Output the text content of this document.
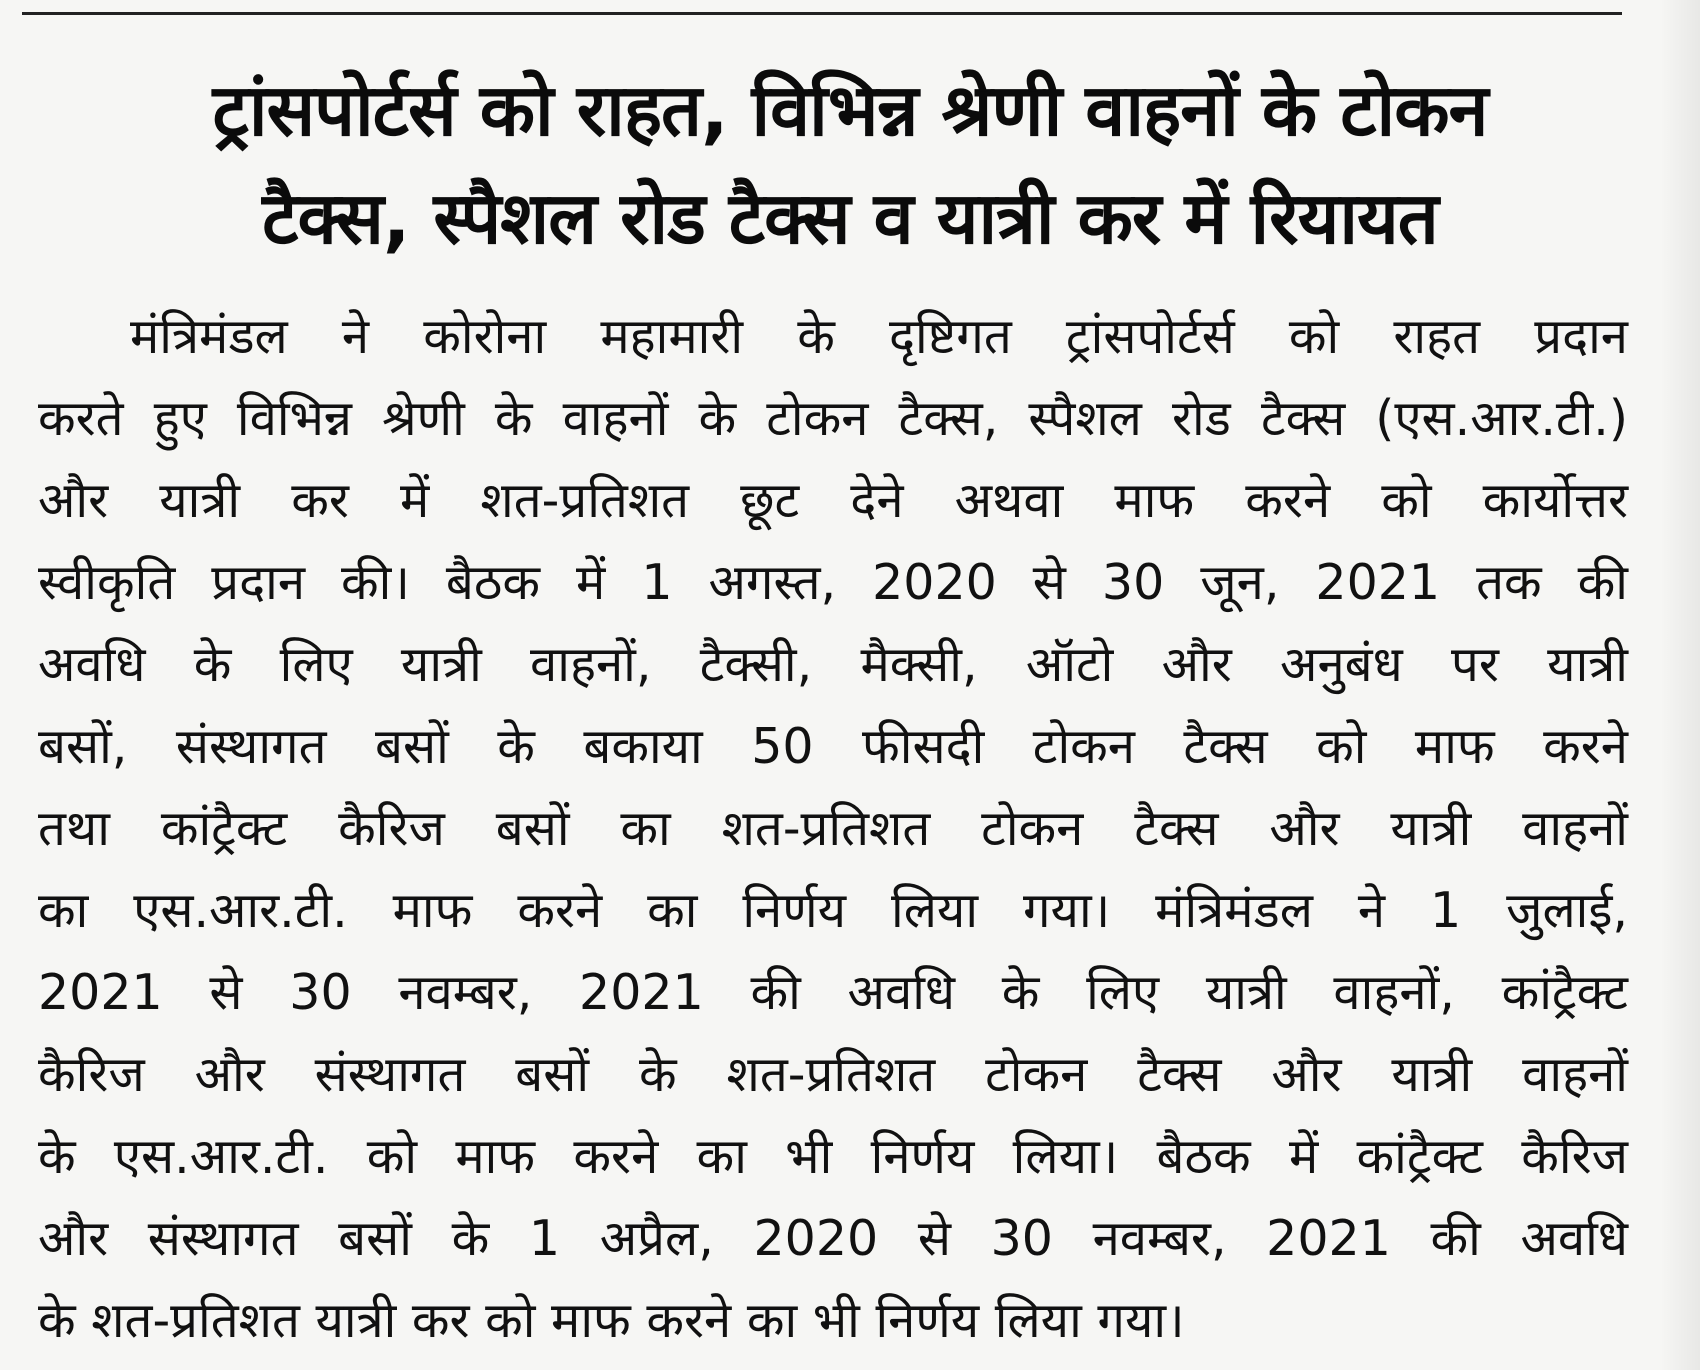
ट्रांसपोर्टर्स को राहत, विभिन्न श्रेणी वाहनों के टोकन
टैक्स, स्पैशल रोड टैक्स व यात्री कर में रियायत
मंत्रिमंडल ने कोरोना महामारी के दृष्टिगत ट्रांसपोर्टर्स को राहत प्रदान
करते हुए विभिन्न श्रेणी के वाहनों के टोकन टैक्स, स्पैशल रोड टैक्स (एस.आर.टी.)
और यात्री कर में शत-प्रतिशत छूट देने अथवा माफ करने को कार्योत्तर
स्वीकृति प्रदान की। बैठक में 1 अगस्त, 2020 से 30 जून, 2021 तक की
अवधि के लिए यात्री वाहनों, टैक्सी, मैक्सी, ऑटो और अनुबंध पर यात्री
बसों, संस्थागत बसों के बकाया 50 फीसदी टोकन टैक्स को माफ करने
तथा कांट्रैक्ट कैरिज बसों का शत-प्रतिशत टोकन टैक्स और यात्री वाहनों
का एस.आर.टी. माफ करने का निर्णय लिया गया। मंत्रिमंडल ने 1 जुलाई,
2021 से 30 नवम्बर, 2021 की अवधि के लिए यात्री वाहनों, कांट्रैक्ट
कैरिज और संस्थागत बसों के शत-प्रतिशत टोकन टैक्स और यात्री वाहनों
के एस.आर.टी. को माफ करने का भी निर्णय लिया। बैठक में कांट्रैक्ट कैरिज
और संस्थागत बसों के 1 अप्रैल, 2020 से 30 नवम्बर, 2021 की अवधि
के शत-प्रतिशत यात्री कर को माफ करने का भी निर्णय लिया गया।
